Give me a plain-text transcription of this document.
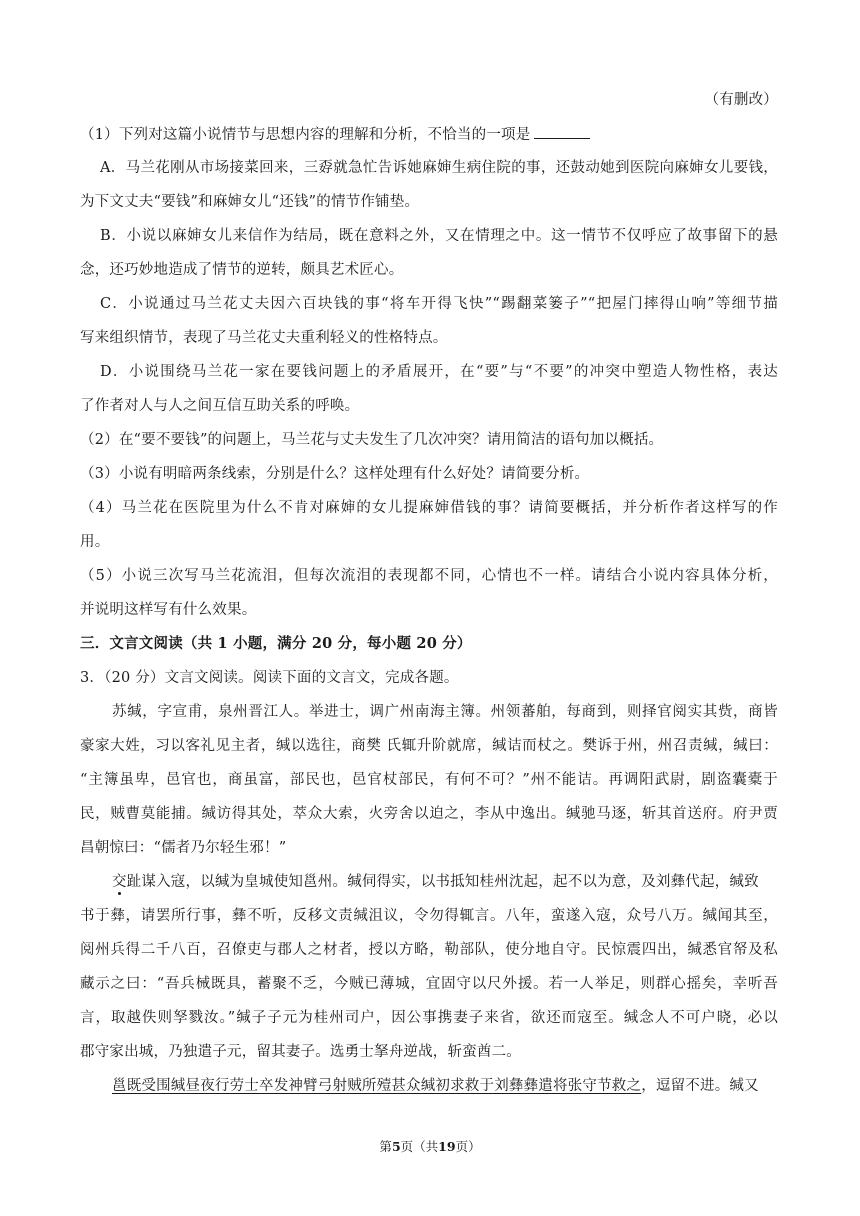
（有删改）
（1）下列对这篇小说情节与思想内容的理解和分析，不恰当的一项是
A．马兰花刚从市场接菜回来，三孬就急忙告诉她麻婶生病住院的事，还鼓动她到医院向麻婶女儿要钱，
为下文丈夫“要钱”和麻婶女儿“还钱”的情节作铺垫。
B．小说以麻婶女儿来信作为结局，既在意料之外，又在情理之中。这一情节不仅呼应了故事留下的悬
念，还巧妙地造成了情节的逆转，颇具艺术匠心。
C．小说通过马兰花丈夫因六百块钱的事“将车开得飞快”“踢翻菜篓子”“把屋门摔得山响”等细节描
写来组织情节，表现了马兰花丈夫重利轻义的性格特点。
D．小说围绕马兰花一家在要钱问题上的矛盾展开，在“要”与“不要”的冲突中塑造人物性格，表达
了作者对人与人之间互信互助关系的呼唤。
（2）在“要不要钱”的问题上，马兰花与丈夫发生了几次冲突？请用简洁的语句加以概括。
（3）小说有明暗两条线索，分别是什么？这样处理有什么好处？请简要分析。
（4）马兰花在医院里为什么不肯对麻婶的女儿提麻婶借钱的事？请简要概括，并分析作者这样写的作
用。
（5）小说三次写马兰花流泪，但每次流泪的表现都不同，心情也不一样。请结合小说内容具体分析，
并说明这样写有什么效果。
三．文言文阅读（共 1 小题，满分 20 分，每小题 20 分）
3．（20 分）文言文阅读。阅读下面的文言文，完成各题。
苏缄，字宣甫，泉州晋江人。举进士，调广州南海主簿。州领蕃舶，每商到，则择官阅实其赀，商皆
豪家大姓，习以客礼见主者，缄以选往，商樊 氏辄升阶就席，缄诘而杖之。樊诉于州，州召责缄，缄曰：
“主簿虽卑，邑官也，商虽富，部民也，邑官杖部民，有何不可？”州不能诘。再调阳武尉，剧盗囊橐于
民，贼曹莫能捕。缄访得其处，萃众大索，火旁舍以迫之，李从中逸出。缄驰马逐，斩其首送府。府尹贾
昌朝惊曰：“儒者乃尔轻生邪！”
交趾谋入寇，以缄为皇城使知邕州。缄伺得实，以书抵知桂州沈起，起不以为意，及刘彝代起，缄致
书于彝，请罢所行事，彝不听，反移文责缄沮议，令勿得辄言。八年，蛮遂入寇，众号八万。缄闻其至，
阅州兵得二千八百，召僚吏与郡人之材者，授以方略，勒部队，使分地自守。民惊震四出，缄悉官帑及私
藏示之曰：“吾兵械既具，蓄聚不乏，今贼已薄城，宜固守以尺外援。若一人举足，则群心摇矣，幸听吾
言，取越佚则孥戮汝。”缄子子元为桂州司户，因公事携妻子来省，欲还而寇至。缄念人不可户晓，必以
郡守家出城，乃独遣子元，留其妻子。选勇士拏舟逆战，斩蛮酋二。
邕既受围缄昼夜行劳士卒发神臂弓射贼所殪甚众缄初求救于刘彝彝遣将张守节救之，逗留不进。缄又
第5页（共19页）
